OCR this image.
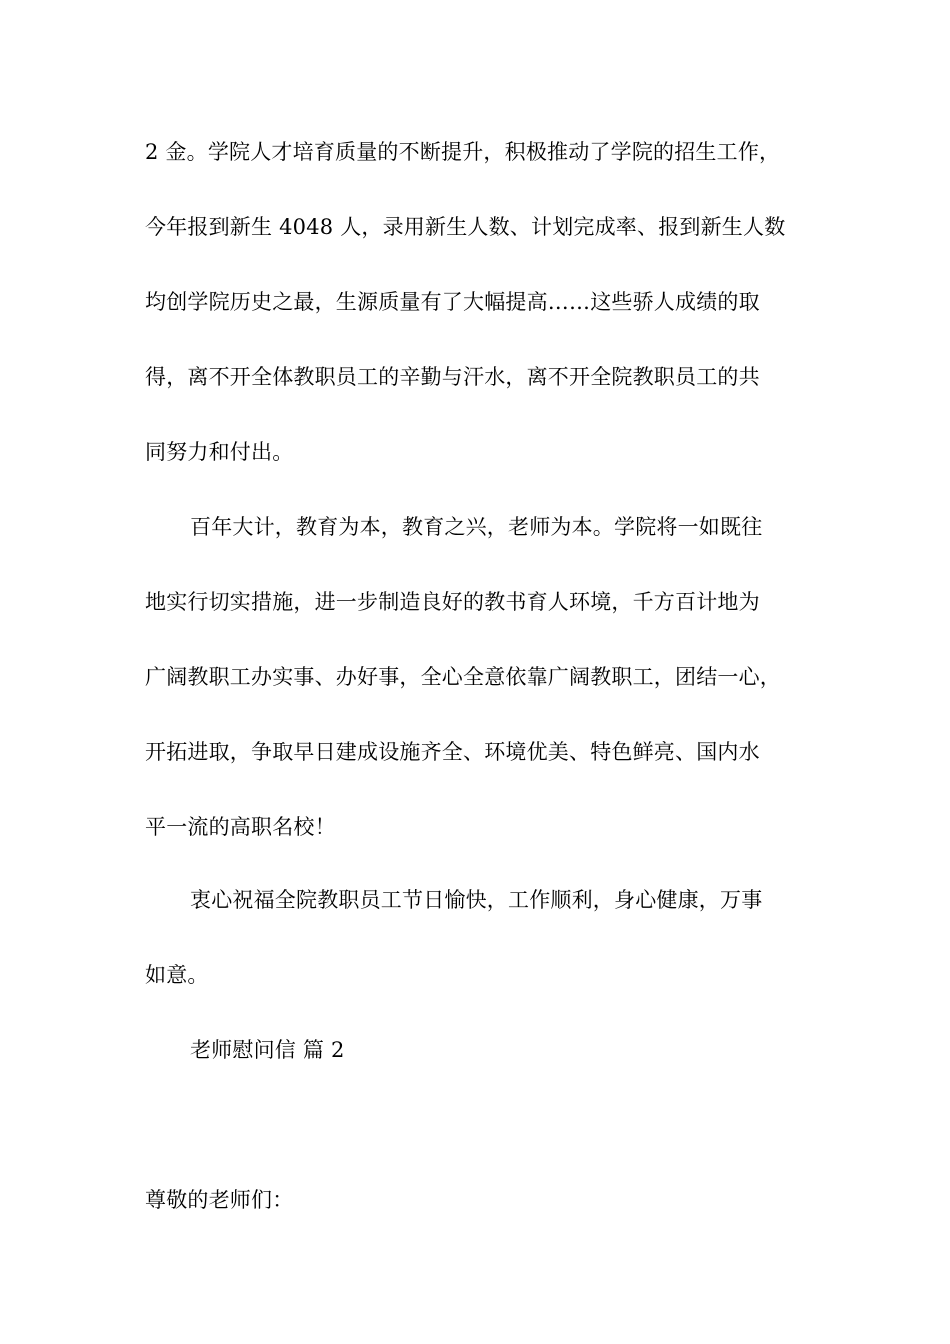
2 金。学院人才培育质量的不断提升，积极推动了学院的招生工作，
今年报到新生 4048 人，录用新生人数、计划完成率、报到新生人数
均创学院历史之最，生源质量有了大幅提高……这些骄人成绩的取
得，离不开全体教职员工的辛勤与汗水，离不开全院教职员工的共
同努力和付出。
百年大计，教育为本，教育之兴，老师为本。学院将一如既往
地实行切实措施，进一步制造良好的教书育人环境，千方百计地为
广阔教职工办实事、办好事，全心全意依靠广阔教职工，团结一心，
开拓进取，争取早日建成设施齐全、环境优美、特色鲜亮、国内水
平一流的高职名校！
衷心祝福全院教职员工节日愉快，工作顺利，身心健康，万事
如意。
老师慰问信 篇 2
尊敬的老师们：
